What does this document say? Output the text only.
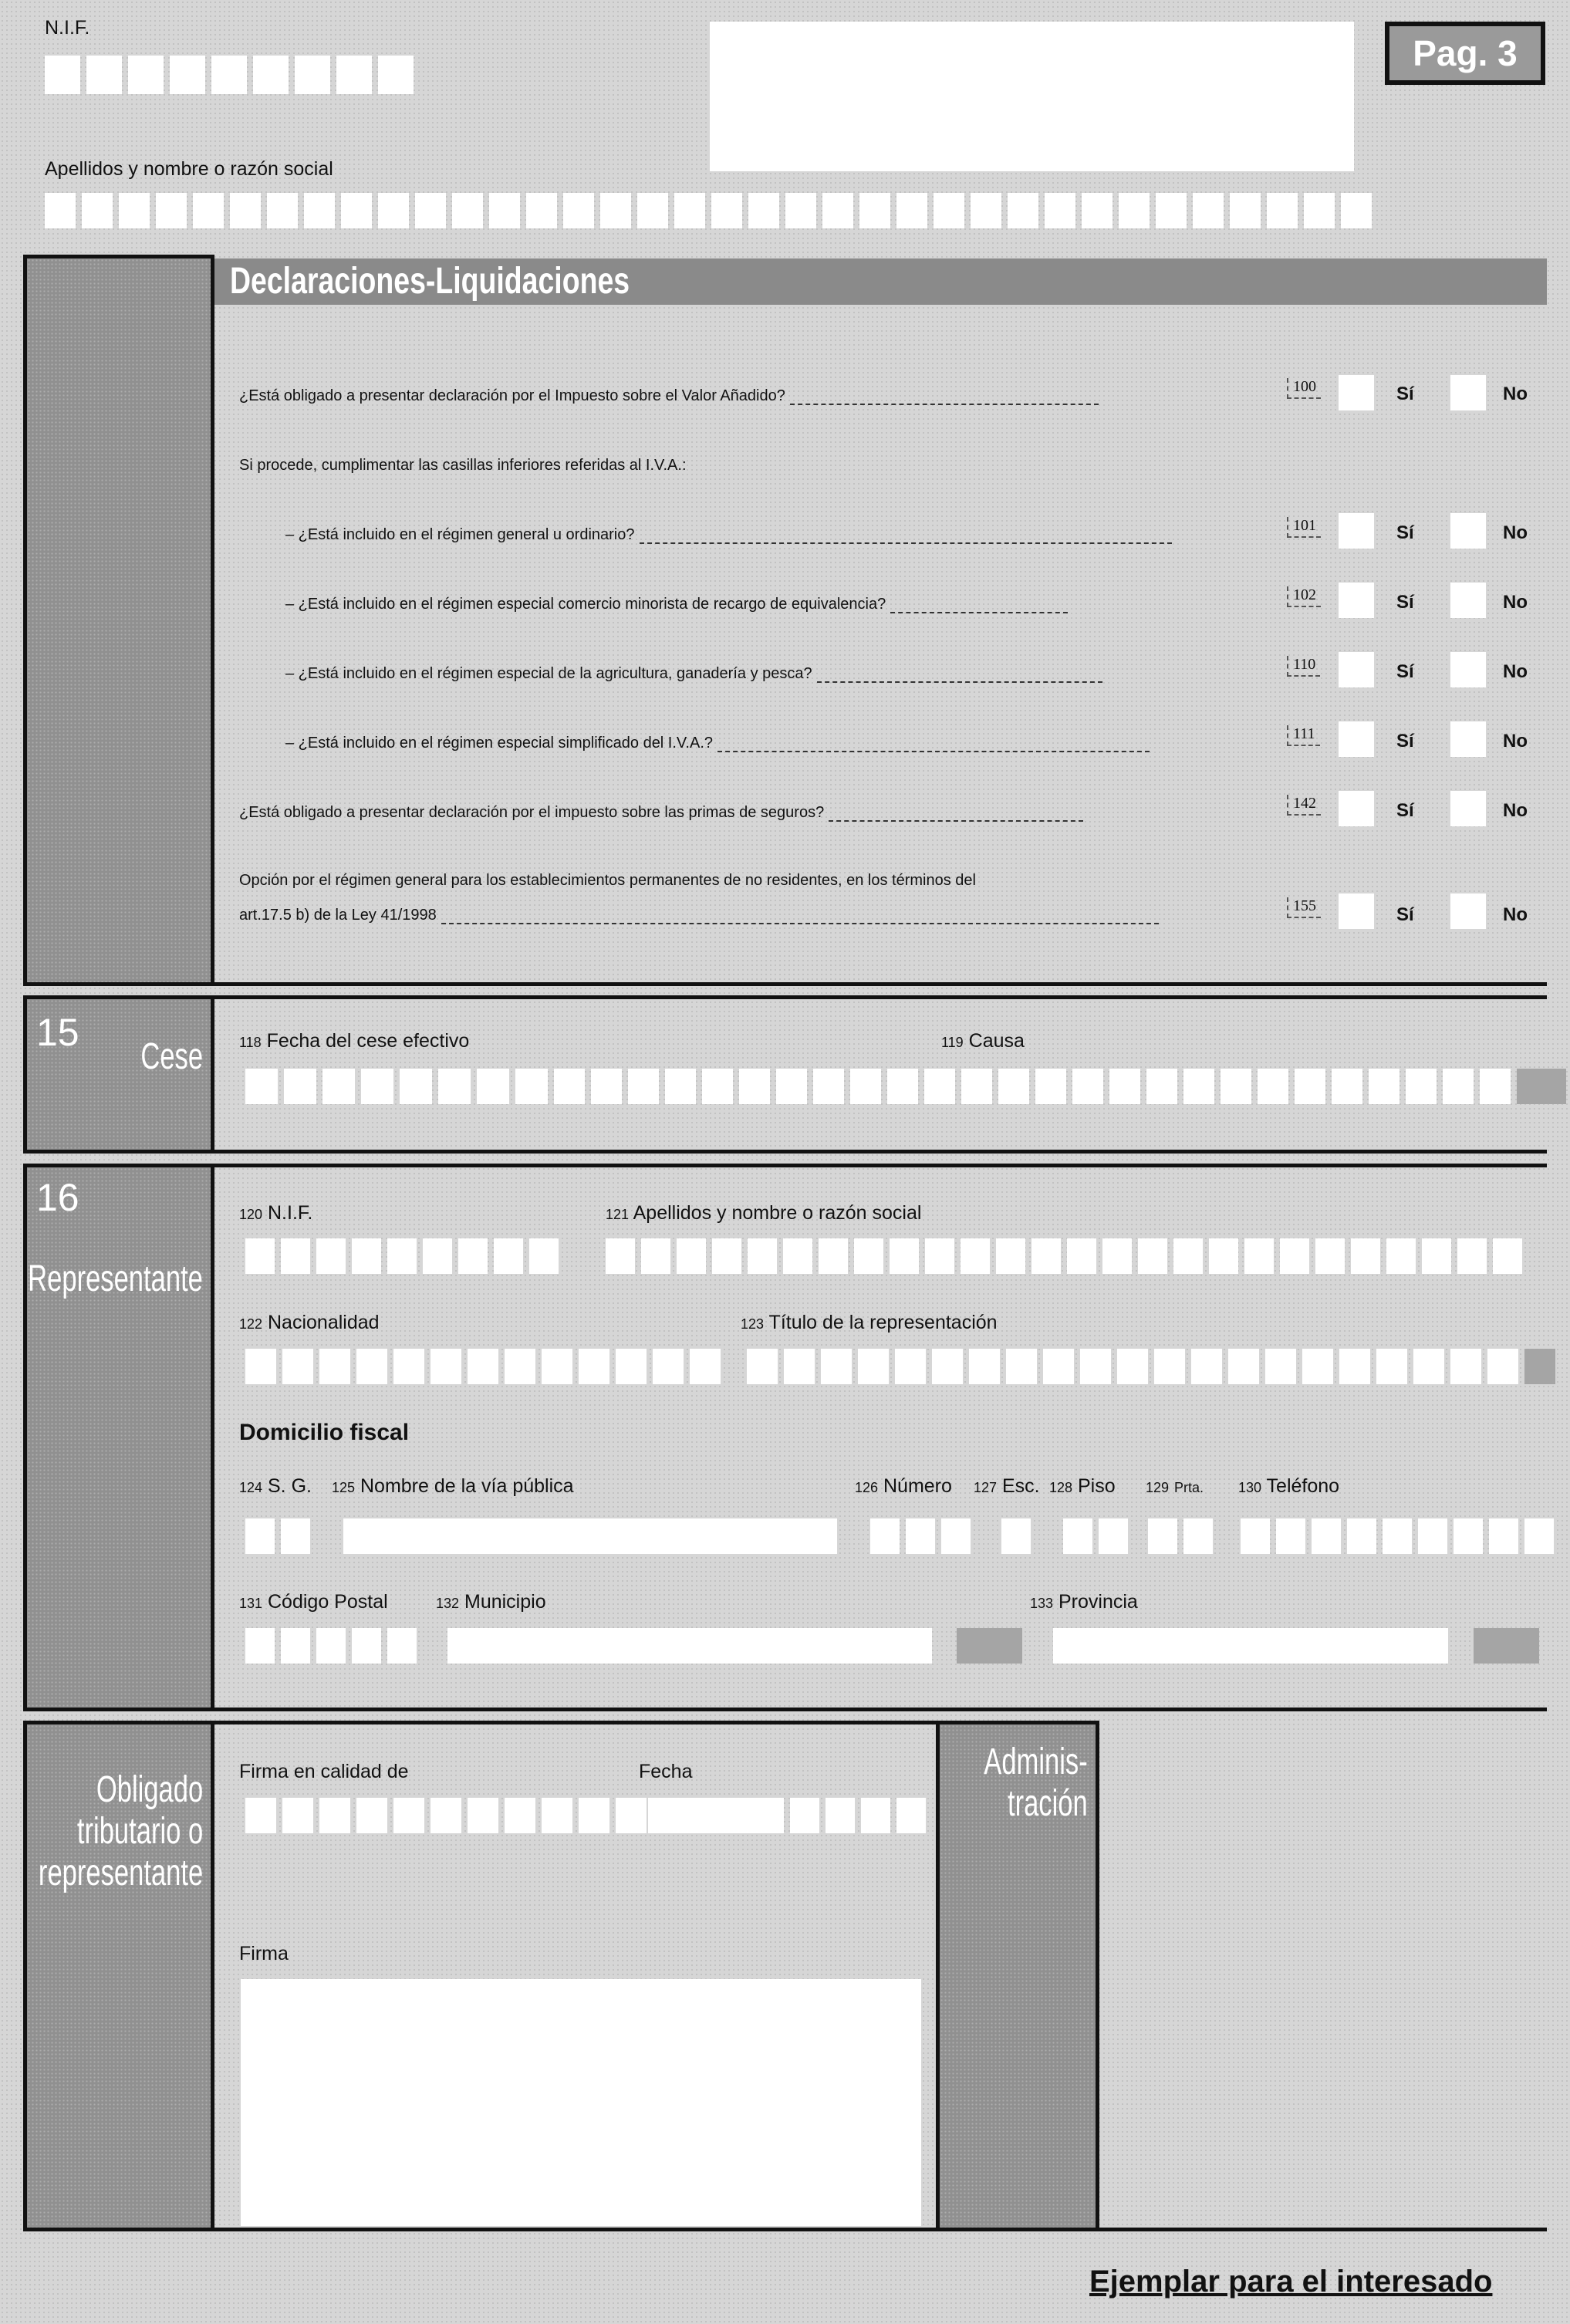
N.I.F.
Pag. 3
Apellidos y nombre o razón social
Declaraciones-Liquidaciones
¿Está obligado a presentar declaración por el Impuesto sobre el Valor Añadido?
100	Sí	No
Si procede, cumplimentar las casillas inferiores referidas al I.V.A.:
– ¿Está incluido en el régimen general u ordinario?
101	Sí	No
– ¿Está incluido en el régimen especial comercio minorista de recargo de equivalencia?
102	Sí	No
– ¿Está incluido en el régimen especial de la agricultura, ganadería y pesca?
110	Sí	No
– ¿Está incluido en el régimen especial simplificado del I.V.A.?
111	Sí	No
¿Está obligado a presentar declaración por el impuesto sobre las primas de seguros?
142	Sí	No
Opción por el régimen general para los establecimientos permanentes de no residentes, en los términos del
art.17.5 b) de la Ley 41/1998
155	Sí	No
15
Cese	118 Fecha del cese efectivo	119 Causa
16
Representante
120 N.I.F.	121 Apellidos y nombre o razón social
122 Nacionalidad	123 Título de la representación
Domicilio fiscal
124 S. G. 125 Nombre de la vía pública	126 Número 127 Esc. 128 Piso 129 Prta. 130 Teléfono
131 Código Postal	132 Municipio	133 Provincia
Obligado
tributario o
representante
Firma en calidad de	Fecha
Firma
Adminis-
tración
Ejemplar para el interesado
